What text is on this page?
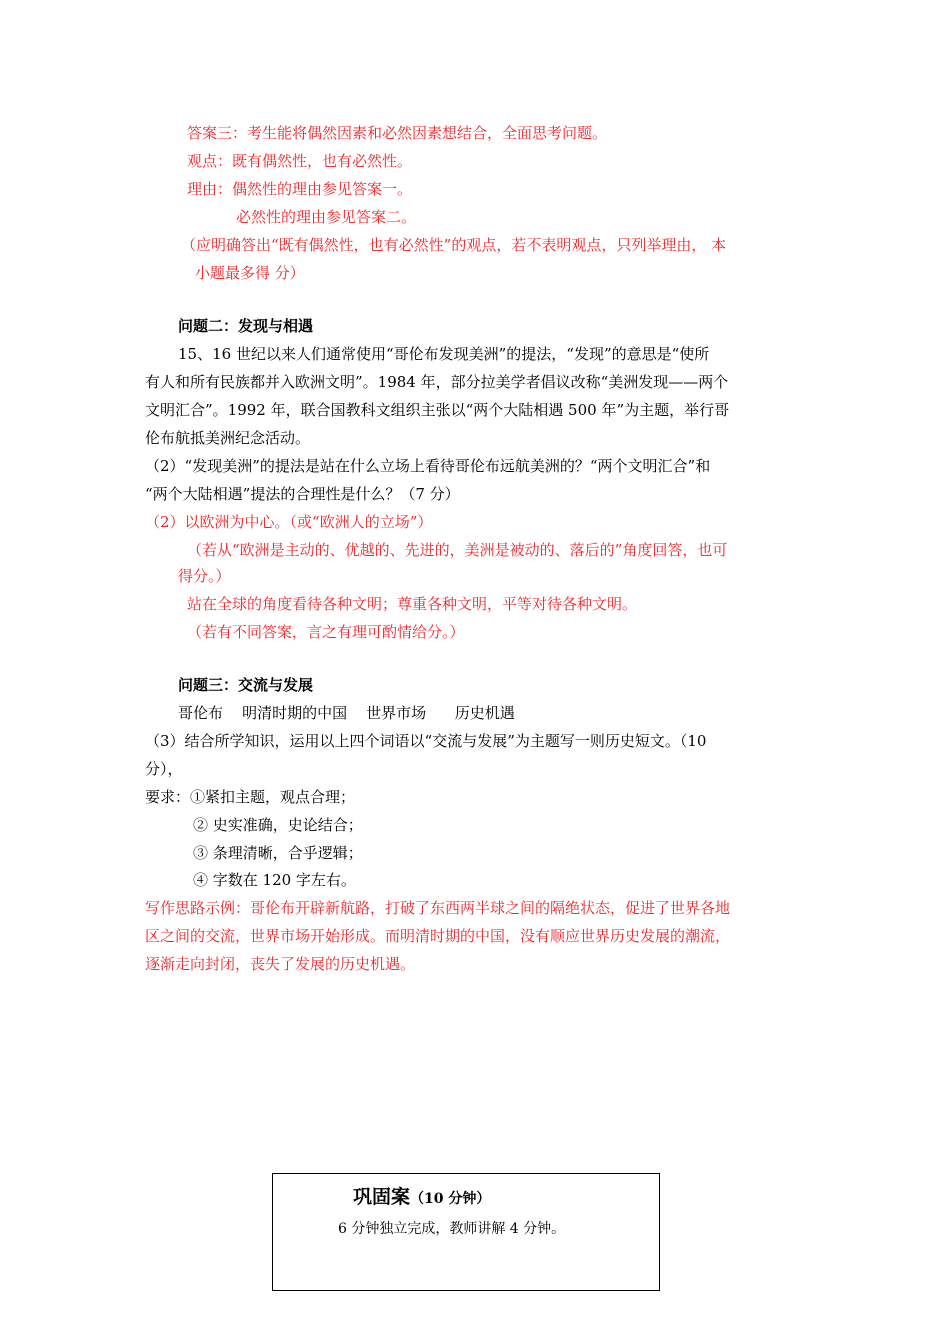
答案三：考生能将偶然因素和必然因素想结合，全面思考问题。
观点：既有偶然性，也有必然性。
理由：偶然性的理由参见答案一。
必然性的理由参见答案二。
（应明确答出“既有偶然性，也有必然性”的观点，若不表明观点，只列举理由， 本
小题最多得 分）
问题二：发现与相遇
15、16 世纪以来人们通常使用“哥伦布发现美洲”的提法，“发现”的意思是“使所
有人和所有民族都并入欧洲文明”。1984 年，部分拉美学者倡议改称“美洲发现——两个
文明汇合”。1992 年，联合国教科文组织主张以“两个大陆相遇 500 年”为主题，举行哥
伦布航抵美洲纪念活动。
（2）“发现美洲”的提法是站在什么立场上看待哥伦布远航美洲的？“两个文明汇合”和
“两个大陆相遇”提法的合理性是什么？（7 分）
（2）以欧洲为中心。（或“欧洲人的立场”）
（若从“欧洲是主动的、优越的、先进的，美洲是被动的、落后的”角度回答，也可
得分。）
站在全球的角度看待各种文明；尊重各种文明，平等对待各种文明。
（若有不同答案，言之有理可酌情给分。）
问题三：交流与发展
哥伦布    明清时期的中国    世界市场      历史机遇
（3）结合所学知识，运用以上四个词语以“交流与发展”为主题写一则历史短文。（10
分），
要求：①紧扣主题，观点合理；
② 史实准确，史论结合；
③ 条理清晰，合乎逻辑；
④ 字数在 120 字左右。
写作思路示例：哥伦布开辟新航路，打破了东西两半球之间的隔绝状态，促进了世界各地
区之间的交流，世界市场开始形成。而明清时期的中国，没有顺应世界历史发展的潮流，
逐渐走向封闭，丧失了发展的历史机遇。
巩固案（10 分钟）
6 分钟独立完成，教师讲解 4 分钟。
